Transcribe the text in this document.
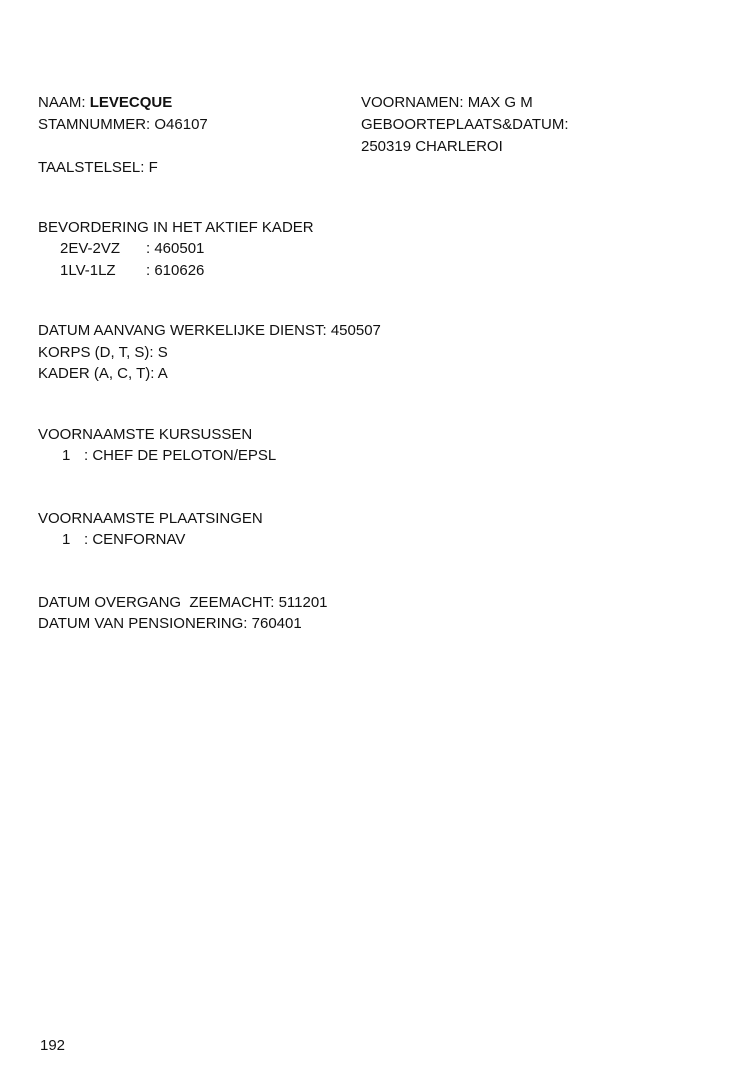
NAAM: LEVECQUE
STAMNUMMER: O46107
TAALSTELSEL: F
VOORNAMEN: MAX G M
GEBOORTEPLAATS&DATUM:
250319 CHARLEROI
BEVORDERING IN HET AKTIEF KADER
2EV-2VZ : 460501
1LV-1LZ : 610626
DATUM AANVANG WERKELIJKE DIENST: 450507
KORPS (D, T, S): S
KADER (A, C, T): A
VOORNAAMSTE KURSUSSEN
1 : CHEF DE PELOTON/EPSL
VOORNAAMSTE PLAATSINGEN
1 : CENFORNAV
DATUM OVERGANG  ZEEMACHT: 511201
DATUM VAN PENSIONERING: 760401
192
